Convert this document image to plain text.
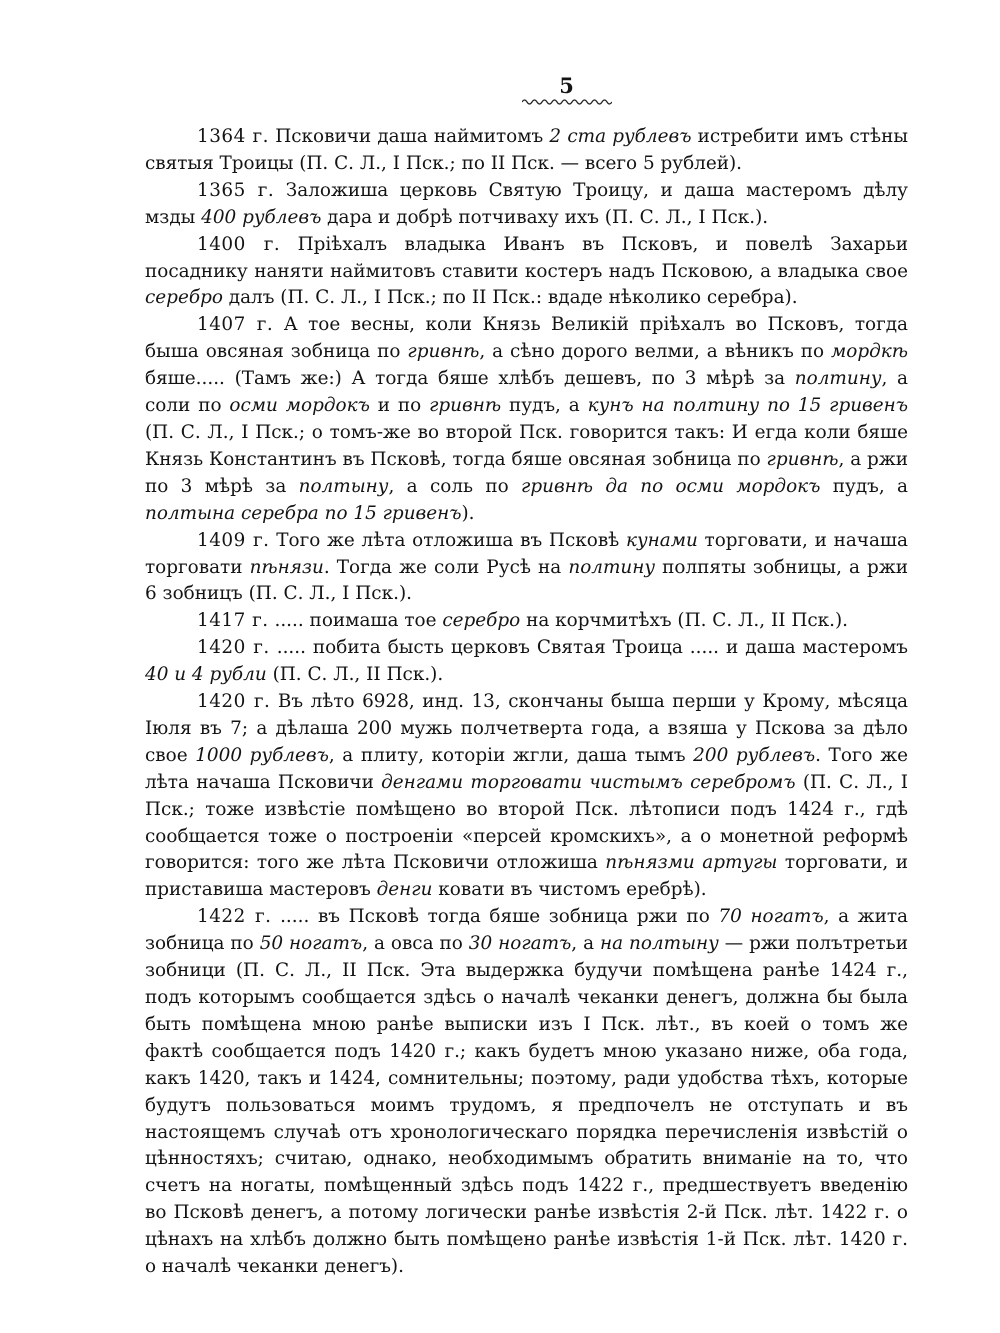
5

1364 г. Псковичи даша наймитомъ 2 ста рублевъ истребити имъ стѣны святыя Троицы (П. С. Л., I Пск.; по II Пск. — всего 5 рублей).

1365 г. Заложиша церковь Святую Троицу, и даша мастеромъ дѣлу мзды 400 рублевъ дара и добрѣ потчиваху ихъ (П. С. Л., I Пск.).

1400 г. Пріѣхалъ владыка Иванъ въ Псковъ, и повелѣ Захарьи посаднику наняти наймитовъ ставити костеръ надъ Псковою, а владыка свое серебро далъ (П. С. Л., I Пск.; по II Пск.: вдаде нѣколико серебра).

1407 г. А тое весны, коли Князь Великій пріѣхалъ во Псковъ, тогда быша овсяная зобница по гривнѣ, а сѣно дорого велми, а вѣникъ по мордкѣ бяше..... (Тамъ же:) А тогда бяше хлѣбъ дешевъ, по 3 мѣрѣ за полтину, а соли по осми мордокъ и по гривнѣ пудъ, а кунъ на полтину по 15 гривенъ (П. С. Л., I Пск.; о томъ-же во второй Пск. говорится такъ: И егда коли бяше Князь Константинъ въ Псковѣ, тогда бяше овсяная зобница по гривнѣ, а ржи по 3 мѣрѣ за полтыну, а соль по гривнѣ да по осми мордокъ пудъ, а полтына серебра по 15 гривенъ).

1409 г. Того же лѣта отложиша въ Псковѣ кунами торговати, и начаша торговати пѣнязи. Тогда же соли Русѣ на полтину полпяты зобницы, а ржи 6 зобницъ (П. С. Л., I Пск.).

1417 г. ..... поимаша тое серебро на корчмитѣхъ (П. С. Л., II Пск.).

1420 г. ..... побита бысть церковъ Святая Троица ..... и даша мастеромъ 40 и 4 рубли (П. С. Л., II Пск.).

1420 г. Въ лѣто 6928, инд. 13, скончаны быша перши у Крому, мѣсяца Іюля въ 7; а дѣлаша 200 мужь полчетверта года, а взяша у Пскова за дѣло свое 1000 рублевъ, а плиту, которіи жгли, даша тымъ 200 рублевъ. Того же лѣта начаша Псковичи денгами торговати чистымъ серебромъ (П. С. Л., I Пск.; тоже извѣстіе помѣщено во второй Пск. лѣтописи подъ 1424 г., гдѣ сообщается тоже о построеніи «персей кромскихъ», а о монетной реформѣ говорится: того же лѣта Псковичи отложиша пѣнязми артугы торговати, и приставиша мастеровъ денги ковати въ чистомъ еребрѣ).

1422 г. ..... въ Псковѣ тогда бяше зобница ржи по 70 ногатъ, а жита зобница по 50 ногатъ, а овса по 30 ногатъ, а на полтыну — ржи полътретьи зобници (П. С. Л., II Пск. Эта выдержка будучи помѣщена ранѣе 1424 г., подъ которымъ сообщается здѣсь о началѣ чеканки денегъ, должна бы была быть помѣщена мною ранѣе выписки изъ I Пск. лѣт., въ коей о томъ же фактѣ сообщается подъ 1420 г.; какъ будетъ мною указано ниже, оба года, какъ 1420, такъ и 1424, сомнительны; поэтому, ради удобства тѣхъ, которые будутъ пользоваться моимъ трудомъ, я предпочелъ не отступать и въ настоящемъ случаѣ отъ хронологическаго порядка перечисленія извѣстій о цѣнностяхъ; считаю, однако, необходимымъ обратить вниманіе на то, что счетъ на ногаты, помѣщенный здѣсь подъ 1422 г., предшествуетъ введенію во Псковѣ денегъ, а потому логически ранѣе извѣстія 2-й Пск. лѣт. 1422 г. о цѣнахъ на хлѣбъ должно быть помѣщено ранѣе извѣстія 1-й Пск. лѣт. 1420 г. о началѣ чеканки денегъ).
